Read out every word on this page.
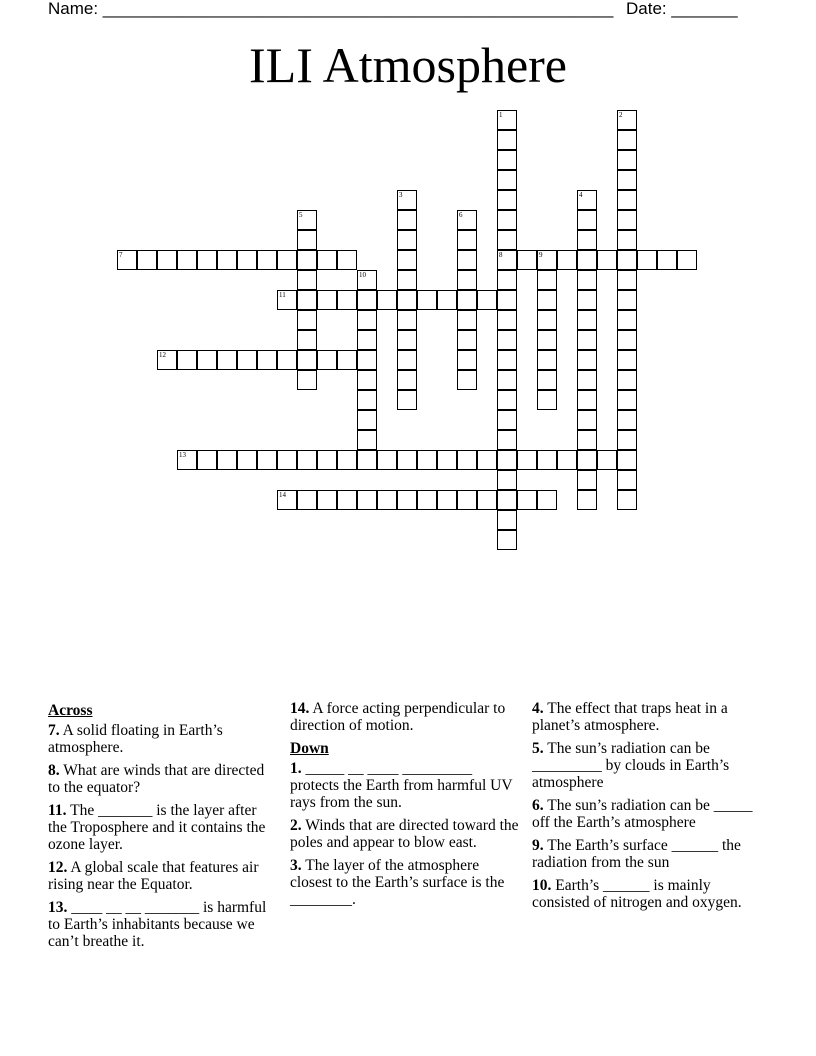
Name: ______________________________________________________ Date: _______
ILI Atmosphere
1
8
2
3	4
5	6
7	9
10
11
12
13
14
Across
7. A solid floating in Earth’s atmosphere.
8. What are winds that are directed to the equator?
11. The _______ is the layer after the Troposphere and it contains the ozone layer.
12. A global scale that features air rising near the Equator.
13. ____ __ __ _______ is harmful to Earth’s inhabitants because we can’t breathe it.
14. A force acting perpendicular to direction of motion.
Down
1. _____ __ ____ _________ protects the Earth from harmful UV rays from the sun.
2. Winds that are directed toward the poles and appear to blow east.
3. The layer of the atmosphere closest to the Earth’s surface is the ________.
4. The effect that traps heat in a planet’s atmosphere.
5. The sun’s radiation can be _________ by clouds in Earth’s atmosphere
6. The sun’s radiation can be _____ off the Earth’s atmosphere
9. The Earth’s surface ______ the radiation from the sun
10. Earth’s ______ is mainly consisted of nitrogen and oxygen.
